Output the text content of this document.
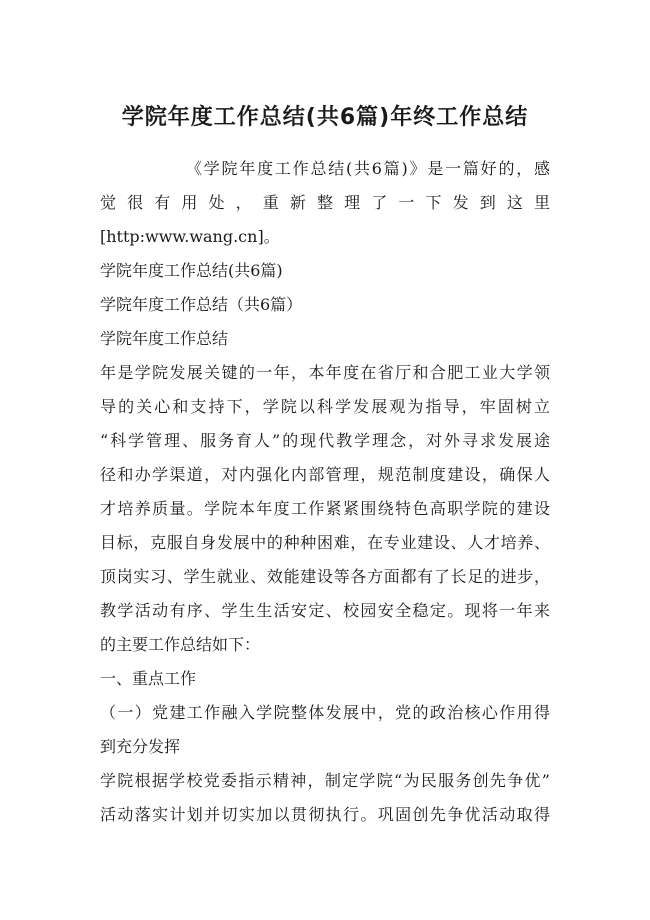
学院年度工作总结(共6篇)年终工作总结
《学院年度工作总结(共6篇)》是一篇好的，感
觉很有用处，重新整理了一下发到这里
[http:www.wang.cn]。
学院年度工作总结(共6篇)
学院年度工作总结（共6篇）
学院年度工作总结
年是学院发展关键的一年，本年度在省厅和合肥工业大学领
导的关心和支持下，学院以科学发展观为指导，牢固树立
“科学管理、服务育人”的现代教学理念，对外寻求发展途
径和办学渠道，对内强化内部管理，规范制度建设，确保人
才培养质量。学院本年度工作紧紧围绕特色高职学院的建设
目标，克服自身发展中的种种困难，在专业建设、人才培养、
顶岗实习、学生就业、效能建设等各方面都有了长足的进步，
教学活动有序、学生生活安定、校园安全稳定。现将一年来
的主要工作总结如下：
一、重点工作
（一）党建工作融入学院整体发展中，党的政治核心作用得
到充分发挥
学院根据学校党委指示精神，制定学院“为民服务创先争优”
活动落实计划并切实加以贯彻执行。巩固创先争优活动取得
